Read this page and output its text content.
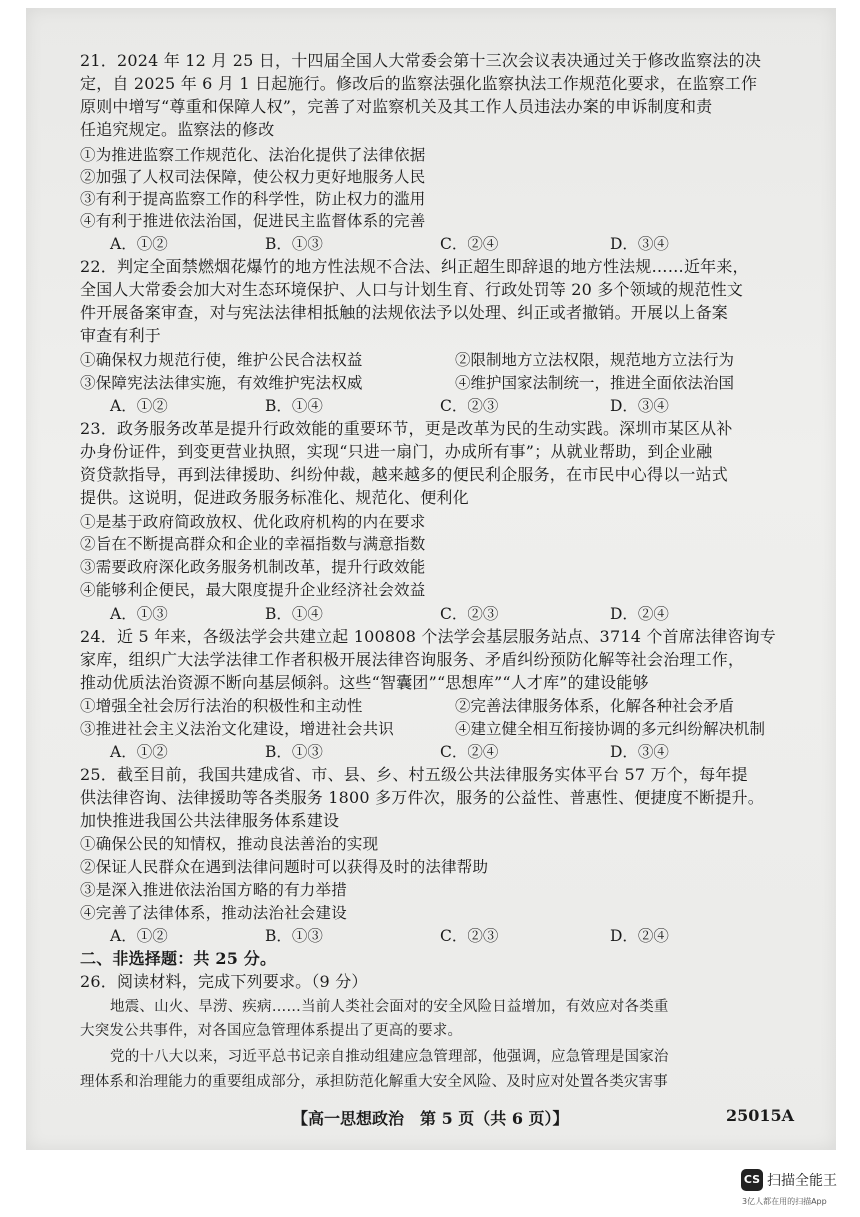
21．2024 年 12 月 25 日，十四届全国人大常委会第十三次会议表决通过关于修改监察法的决
定，自 2025 年 6 月 1 日起施行。修改后的监察法强化监察执法工作规范化要求，在监察工作
原则中增写“尊重和保障人权”，完善了对监察机关及其工作人员违法办案的申诉制度和责
任追究规定。监察法的修改
①为推进监察工作规范化、法治化提供了法律依据
②加强了人权司法保障，使公权力更好地服务人民
③有利于提高监察工作的科学性，防止权力的滥用
④有利于推进依法治国，促进民主监督体系的完善
A．①②	B．①③	C．②④	D．③④
22．判定全面禁燃烟花爆竹的地方性法规不合法、纠正超生即辞退的地方性法规……近年来，
全国人大常委会加大对生态环境保护、人口与计划生育、行政处罚等 20 多个领域的规范性文
件开展备案审查，对与宪法法律相抵触的法规依法予以处理、纠正或者撤销。开展以上备案
审查有利于
①确保权力规范行使，维护公民合法权益	②限制地方立法权限，规范地方立法行为
③保障宪法法律实施，有效维护宪法权威	④维护国家法制统一，推进全面依法治国
A．①②	B．①④	C．②③	D．③④
23．政务服务改革是提升行政效能的重要环节，更是改革为民的生动实践。深圳市某区从补
办身份证件，到变更营业执照，实现“只进一扇门，办成所有事”；从就业帮助，到企业融
资贷款指导，再到法律援助、纠纷仲裁，越来越多的便民利企服务，在市民中心得以一站式
提供。这说明，促进政务服务标准化、规范化、便利化
①是基于政府简政放权、优化政府机构的内在要求
②旨在不断提高群众和企业的幸福指数与满意指数
③需要政府深化政务服务机制改革，提升行政效能
④能够利企便民，最大限度提升企业经济社会效益
A．①③	B．①④	C．②③	D．②④
24．近 5 年来，各级法学会共建立起 100808 个法学会基层服务站点、3714 个首席法律咨询专
家库，组织广大法学法律工作者积极开展法律咨询服务、矛盾纠纷预防化解等社会治理工作，
推动优质法治资源不断向基层倾斜。这些“智囊团”“思想库”“人才库”的建设能够
①增强全社会厉行法治的积极性和主动性	②完善法律服务体系，化解各种社会矛盾
③推进社会主义法治文化建设，增进社会共识	④建立健全相互衔接协调的多元纠纷解决机制
A．①②	B．①③	C．②④	D．③④
25．截至目前，我国共建成省、市、县、乡、村五级公共法律服务实体平台 57 万个，每年提
供法律咨询、法律援助等各类服务 1800 多万件次，服务的公益性、普惠性、便捷度不断提升。
加快推进我国公共法律服务体系建设
①确保公民的知情权，推动良法善治的实现
②保证人民群众在遇到法律问题时可以获得及时的法律帮助
③是深入推进依法治国方略的有力举措
④完善了法律体系，推动法治社会建设
A．①②	B．①③	C．②③	D．②④
二、非选择题：共 25 分。
26．阅读材料，完成下列要求。（9 分）
地震、山火、旱涝、疾病……当前人类社会面对的安全风险日益增加，有效应对各类重
大突发公共事件，对各国应急管理体系提出了更高的要求。
党的十八大以来，习近平总书记亲自推动组建应急管理部，他强调，应急管理是国家治
理体系和治理能力的重要组成部分，承担防范化解重大安全风险、及时应对处置各类灾害事
【高一思想政治　第 5 页（共 6 页）】	25015A
CS 扫描全能王
3亿人都在用的扫描App
